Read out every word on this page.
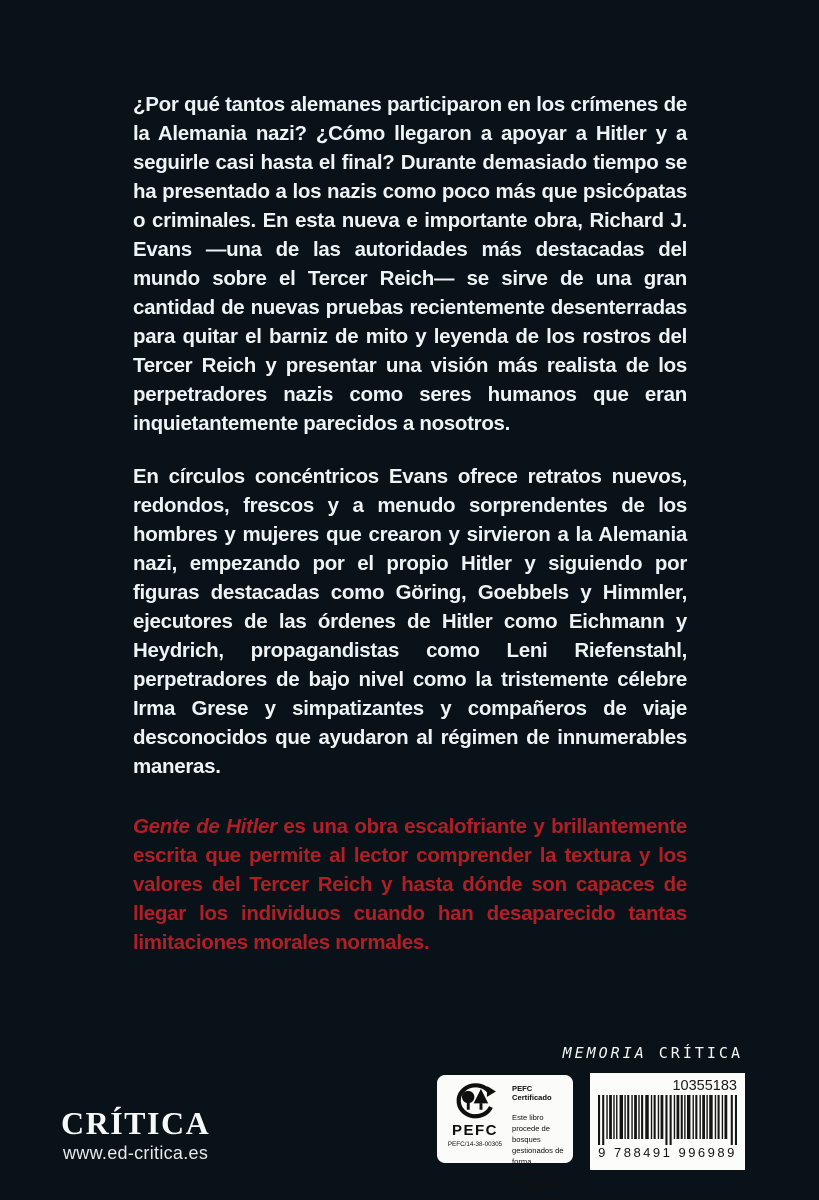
¿Por qué tantos alemanes participaron en los crímenes de la Alemania nazi? ¿Cómo llegaron a apoyar a Hitler y a seguirle casi hasta el final? Durante demasiado tiempo se ha presentado a los nazis como poco más que psicópatas o criminales. En esta nueva e importante obra, Richard J. Evans —una de las autoridades más destacadas del mundo sobre el Tercer Reich— se sirve de una gran cantidad de nuevas pruebas recientemente desenterradas para quitar el barniz de mito y leyenda de los rostros del Tercer Reich y presentar una visión más realista de los perpetradores nazis como seres humanos que eran inquietantemente parecidos a nosotros.

En círculos concéntricos Evans ofrece retratos nuevos, redondos, frescos y a menudo sorprendentes de los hombres y mujeres que crearon y sirvieron a la Alemania nazi, empezando por el propio Hitler y siguiendo por figuras destacadas como Göring, Goebbels y Himmler, ejecutores de las órdenes de Hitler como Eichmann y Heydrich, propagandistas como Leni Riefenstahl, perpetradores de bajo nivel como la tristemente célebre Irma Grese y simpatizantes y compañeros de viaje desconocidos que ayudaron al régimen de innumerables maneras.

Gente de Hitler es una obra escalofriante y brillantemente escrita que permite al lector comprender la textura y los valores del Tercer Reich y hasta dónde son capaces de llegar los individuos cuando han desaparecido tantas limitaciones morales normales.

MEMORIA CRÍTICA
PEFC
PEFC/14-38-00305
PEFC Certificado
Este libro procede de bosques gestionados de forma sostenible
www.pefc.es
10355183
9 788491 996989
CRÍTICA
www.ed-critica.es
